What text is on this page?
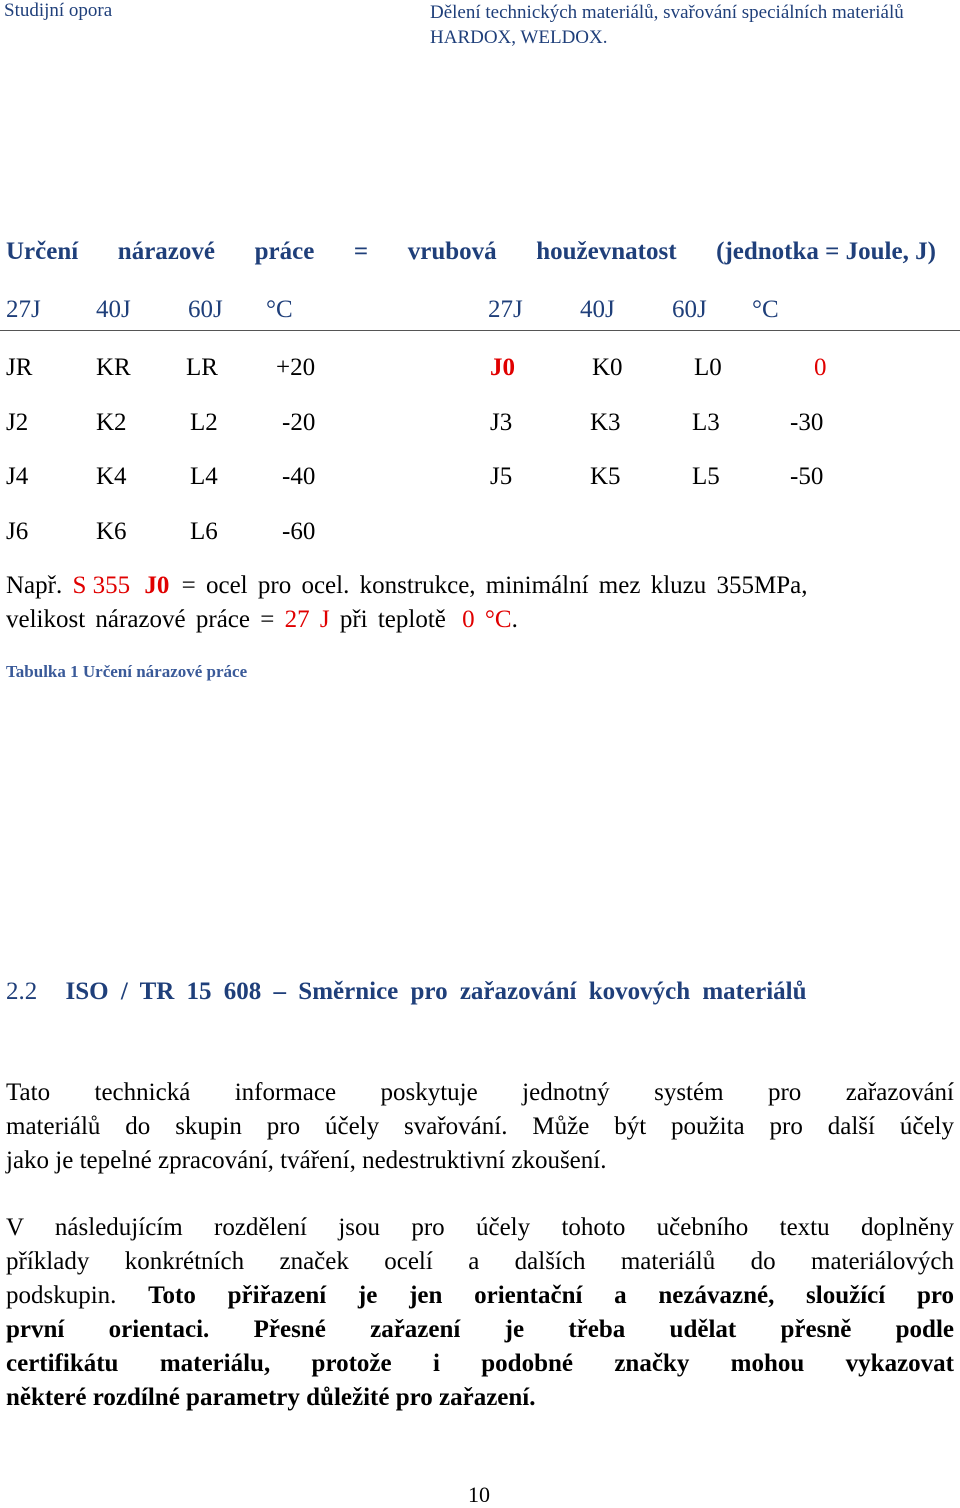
Studijní opora	Dělení technických materiálů, svařování speciálních materiálů
HARDOX, WELDOX.
Určení nárazové práce = vrubová houževnatost (jednotka = Joule, J)
27J 40J 60J °C	27J 40J 60J °C
JR	KR LR +20
J2	K2	L2	-20
J4	K4	L4	-40
J6	K6	L6	-60
J0	K0	L0	0
J3	K3	L3	-30
J5	K5	L5	-50
Např. S 355 J0 = ocel pro ocel. konstrukce, minimální mez kluzu 355MPa,
velikost nárazové práce = 27 J při teplotě 0 °C.
Tabulka 1 Určení nárazové práce
2.2 ISO / TR 15 608 – Směrnice pro zařazování kovových materiálů
Tato technická informace poskytuje jednotný systém pro zařazování
materiálů do skupin pro účely svařování. Může být použita pro další účely
jako je tepelné zpracování, tváření, nedestruktivní zkoušení.
V následujícím rozdělení jsou pro účely tohoto učebního textu doplněny
příklady konkrétních značek ocelí a dalších materiálů do materiálových
podskupin. Toto přiřazení je jen orientační a nezávazné, sloužící pro
první orientaci. Přesné zařazení je třeba udělat přesně podle
certifikátu materiálu, protože i podobné značky mohou vykazovat
některé rozdílné parametry důležité pro zařazení.
10
